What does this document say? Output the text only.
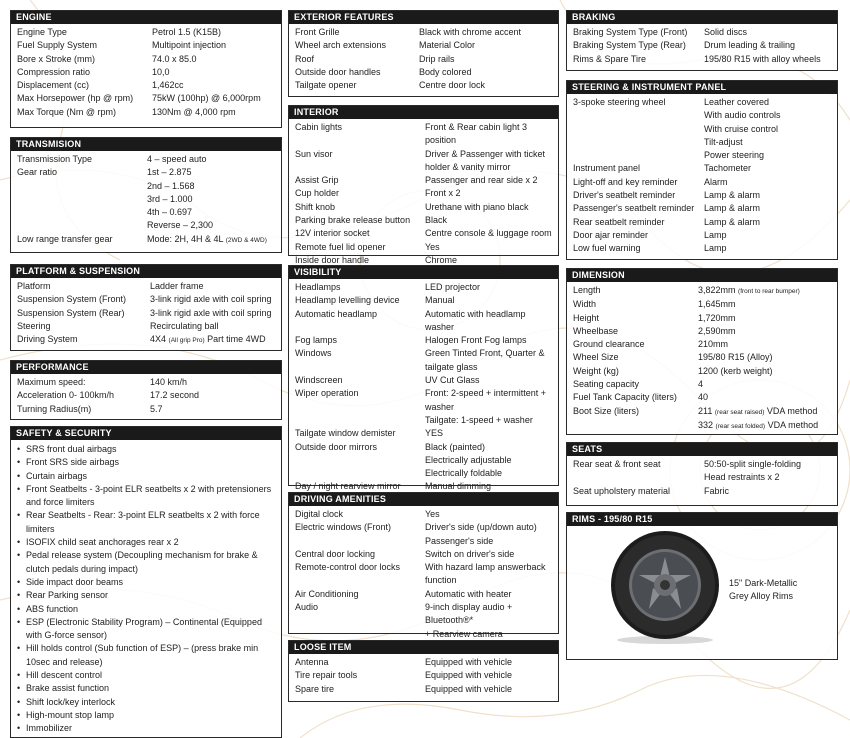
ENGINE
Engine Type	Petrol 1.5 (K15B)
Fuel Supply System	Multipoint injection
Bore x Stroke (mm)	74.0 x 85.0
Compression ratio	10,0
Displacement (cc)	1,462cc
Max Horsepower (hp @ rpm)	75kW (100hp) @ 6,000rpm
Max Torque (Nm @ rpm)	130Nm @ 4,000 rpm
TRANSMISION
Transmission Type	4 – speed auto
Gear ratio	1st – 2.875
2nd – 1.568
3rd – 1.000
4th – 0.697
Reverse – 2,300
Low range transfer gear	Mode: 2H, 4H & 4L (2WD & 4WD)
PLATFORM & SUSPENSION
Platform	Ladder frame
Suspension System (Front)	3-link rigid axle with coil spring
Suspension System (Rear)	3-link rigid axle with coil spring
Steering	Recirculating ball
Driving System	4X4 (All grip Pro) Part time 4WD
PERFORMANCE
Maximum speed:	140 km/h
Acceleration 0- 100km/h	17.2 second
Turning Radius(m)	5.7
SAFETY & SECURITY
• SRS front dual airbags
• Front SRS side airbags
• Curtain airbags
• Front Seatbelts - 3-point ELR seatbelts x 2 with pretensioners and force limiters
• Rear Seatbelts - Rear: 3-point ELR seatbelts x 2 with force limiters
• ISOFIX child seat anchorages rear x 2
• Pedal release system (Decoupling mechanism for brake & clutch pedals during impact)
• Side impact door beams
• Rear Parking sensor
• ABS function
• ESP (Electronic Stability Program) – Continental (Equipped with G-force sensor)
• Hill holds control (Sub function of ESP) – (press brake min 10sec and release)
• Hill descent control
• Brake assist function
• Shift lock/key interlock
• High-mount stop lamp
• Immobilizer
EXTERIOR FEATURES
Front Grille	Black with chrome accent
Wheel arch extensions	Material Color
Roof	Drip rails
Outside door handles	Body colored
Tailgate opener	Centre door lock
INTERIOR
Cabin lights	Front & Rear cabin light 3 position
Sun visor	Driver & Passenger with ticket
holder & vanity mirror
Assist Grip	Passenger and rear side x 2
Cup holder	Front x 2
Shift knob	Urethane with piano black
Parking brake release button	Black
12V interior socket	Centre console & luggage room
Remote fuel lid opener	Yes
Inside door handle	Chrome
VISIBILITY
Headlamps	LED projector
Headlamp levelling device	Manual
Automatic headlamp	Automatic with headlamp washer
Fog lamps	Halogen Front Fog lamps
Windows	Green Tinted Front, Quarter &
tailgate glass
Windscreen	UV Cut Glass
Wiper operation	Front: 2-speed + intermittent +
washer
Tailgate: 1-speed + washer
Tailgate window demister	YES
Outside door mirrors	Black (painted)
Electrically adjustable
Electrically foldable
Day / night rearview mirror	Manual dimming
DRIVING AMENITIES
Digital clock	Yes
Electric windows (Front)	Driver's side (up/down auto)
Passenger's side
Central door locking	Switch on driver's side
Remote-control door locks	With hazard lamp answerback
function
Air Conditioning	Automatic with heater
Audio	9-inch display audio + Bluetooth®*
+ Rearview camera
LOOSE ITEM
Antenna	Equipped with vehicle
Tire repair tools	Equipped with vehicle
Spare tire	Equipped with vehicle
BRAKING
Braking System Type (Front)	Solid discs
Braking System Type (Rear)	Drum leading & trailing
Rims & Spare Tire	195/80 R15 with alloy wheels
STEERING & INSTRUMENT PANEL
3-spoke steering wheel	Leather covered
With audio controls
With cruise control
Tilt-adjust
Power steering
Instrument panel	Tachometer
Light-off and key reminder	Alarm
Driver's seatbelt reminder	Lamp & alarm
Passenger's seatbelt reminder	Lamp & alarm
Rear seatbelt reminder	Lamp & alarm
Door ajar reminder	Lamp
Low fuel warning	Lamp
DIMENSION
Length	3,822mm (front to rear bumper)
Width	1,645mm
Height	1,720mm
Wheelbase	2,590mm
Ground clearance	210mm
Wheel Size	195/80 R15 (Alloy)
Weight (kg)	1200 (kerb weight)
Seating capacity	4
Fuel Tank Capacity (liters)	40
Boot Size (liters)	211 (rear seat raised) VDA method
332 (rear seat folded) VDA method
SEATS
Rear seat & front seat	50:50-split single-folding
Head restraints x 2
Seat upholstery material	Fabric
RIMS - 195/80 R15
15" Dark-Metallic
Grey Alloy Rims
